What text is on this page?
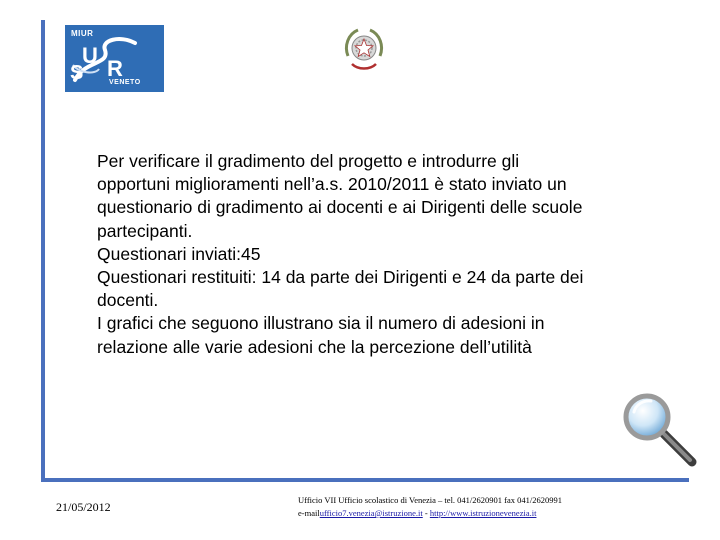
U
S R
MIUR
VENETO
Per verificare il gradimento del progetto e introdurre gli
opportuni miglioramenti nell’a.s. 2010/2011 è stato inviato un
questionario di gradimento ai docenti e ai Dirigenti delle scuole
partecipanti.
Questionari inviati:45
Questionari restituiti: 14 da parte dei Dirigenti e 24 da parte dei
docenti.
I grafici che seguono illustrano sia il numero di adesioni in
relazione alle varie adesioni che la percezione dell’utilità
21/05/2012	Ufficio VII Ufficio scolastico di Venezia – tel. 041/2620901 fax 041/2620991
e-mailufficio7.venezia@istruzione.it - http://www.istruzionevenezia.it
